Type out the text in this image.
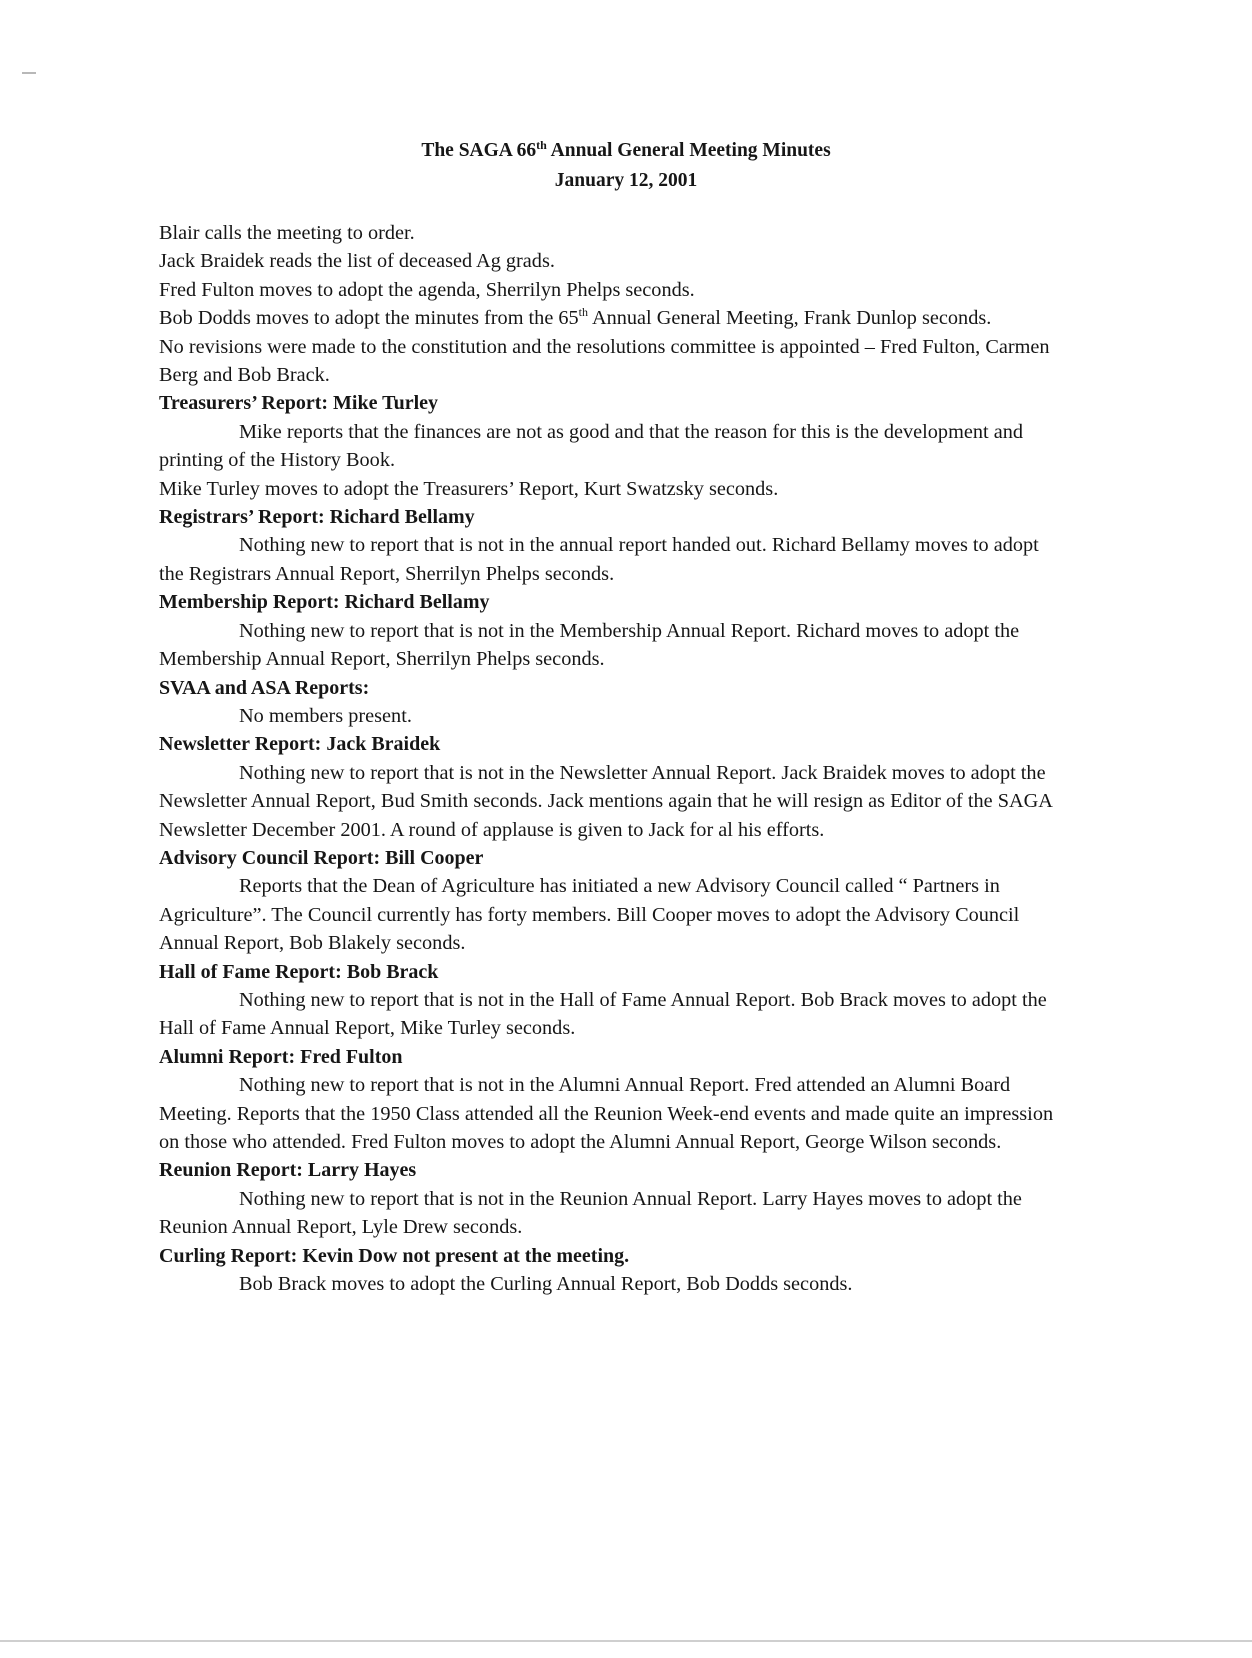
The SAGA 66th Annual General Meeting Minutes
January 12, 2001

Blair calls the meeting to order.

Jack Braidek reads the list of deceased Ag grads.

Fred Fulton moves to adopt the agenda, Sherrilyn Phelps seconds.

Bob Dodds moves to adopt the minutes from the 65th Annual General Meeting, Frank Dunlop seconds.

No revisions were made to the constitution and the resolutions committee is appointed – Fred Fulton, Carmen Berg and Bob Brack.

Treasurers’ Report: Mike Turley

Mike reports that the finances are not as good and that the reason for this is the development and printing of the History Book.

Mike Turley moves to adopt the Treasurers’ Report, Kurt Swatzsky seconds.

Registrars’ Report: Richard Bellamy

Nothing new to report that is not in the annual report handed out. Richard Bellamy moves to adopt the Registrars Annual Report, Sherrilyn Phelps seconds.

Membership Report: Richard Bellamy

Nothing new to report that is not in the Membership Annual Report. Richard moves to adopt the Membership Annual Report, Sherrilyn Phelps seconds.

SVAA and ASA Reports:

No members present.

Newsletter Report: Jack Braidek

Nothing new to report that is not in the Newsletter Annual Report. Jack Braidek moves to adopt the Newsletter Annual Report, Bud Smith seconds. Jack mentions again that he will resign as Editor of the SAGA Newsletter December 2001. A round of applause is given to Jack for al his efforts.

Advisory Council Report: Bill Cooper

Reports that the Dean of Agriculture has initiated a new Advisory Council called “ Partners in Agriculture”. The Council currently has forty members. Bill Cooper moves to adopt the Advisory Council Annual Report, Bob Blakely seconds.

Hall of Fame Report: Bob Brack

Nothing new to report that is not in the Hall of Fame Annual Report. Bob Brack moves to adopt the Hall of Fame Annual Report, Mike Turley seconds.

Alumni Report: Fred Fulton

Nothing new to report that is not in the Alumni Annual Report. Fred attended an Alumni Board Meeting. Reports that the 1950 Class attended all the Reunion Week-end events and made quite an impression on those who attended. Fred Fulton moves to adopt the Alumni Annual Report, George Wilson seconds.

Reunion Report: Larry Hayes

Nothing new to report that is not in the Reunion Annual Report. Larry Hayes moves to adopt the Reunion Annual Report, Lyle Drew seconds.

Curling Report: Kevin Dow not present at the meeting.

Bob Brack moves to adopt the Curling Annual Report, Bob Dodds seconds.
